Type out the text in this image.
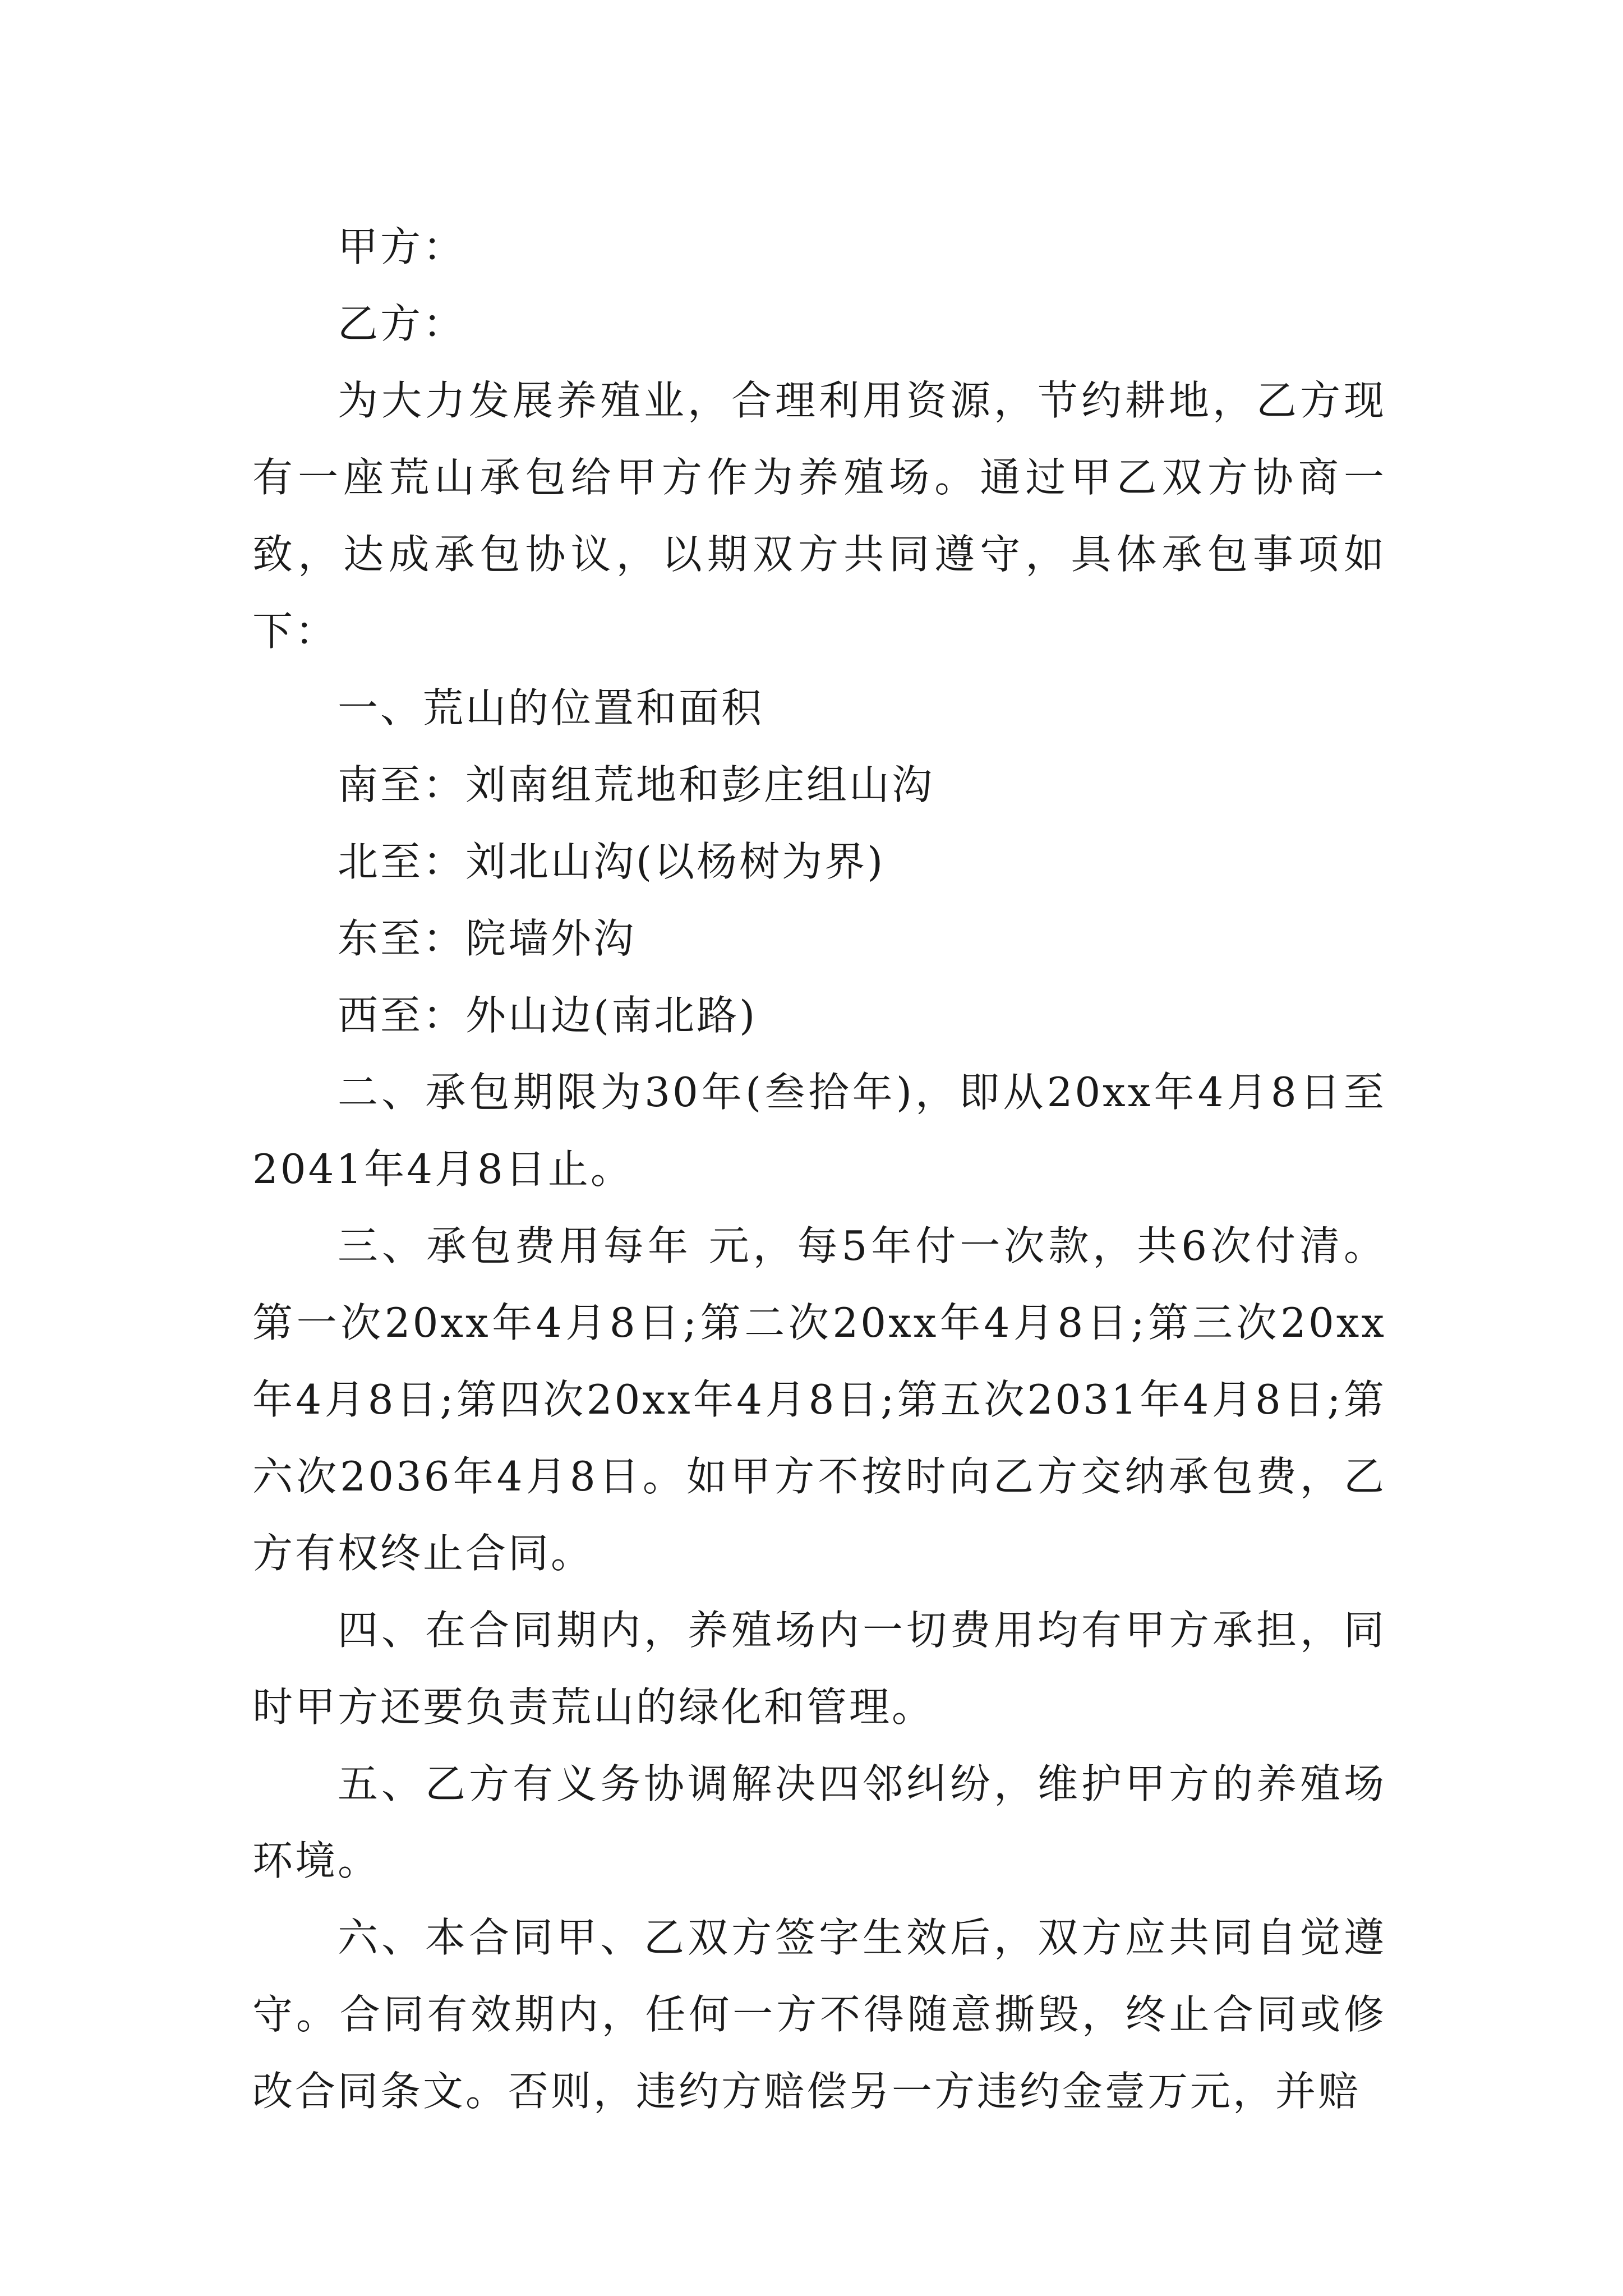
甲方：

乙方：

为大力发展养殖业，合理利用资源，节约耕地，乙方现有一座荒山承包给甲方作为养殖场。通过甲乙双方协商一致，达成承包协议，以期双方共同遵守，具体承包事项如下：

一、荒山的位置和面积

南至：刘南组荒地和彭庄组山沟

北至：刘北山沟(以杨树为界)

东至：院墙外沟

西至：外山边(南北路)

二、承包期限为30年(叁拾年)，即从20xx年4月8日至2041年4月8日止。

三、承包费用每年 元，每5年付一次款，共6次付清。第一次20xx年4月8日;第二次20xx年4月8日;第三次20xx年4月8日;第四次20xx年4月8日;第五次2031年4月8日;第六次2036年4月8日。如甲方不按时向乙方交纳承包费，乙方有权终止合同。

四、在合同期内，养殖场内一切费用均有甲方承担，同时甲方还要负责荒山的绿化和管理。

五、乙方有义务协调解决四邻纠纷，维护甲方的养殖场环境。

六、本合同甲、乙双方签字生效后，双方应共同自觉遵守。合同有效期内，任何一方不得随意撕毁，终止合同或修改合同条文。否则，违约方赔偿另一方违约金壹万元，并赔
